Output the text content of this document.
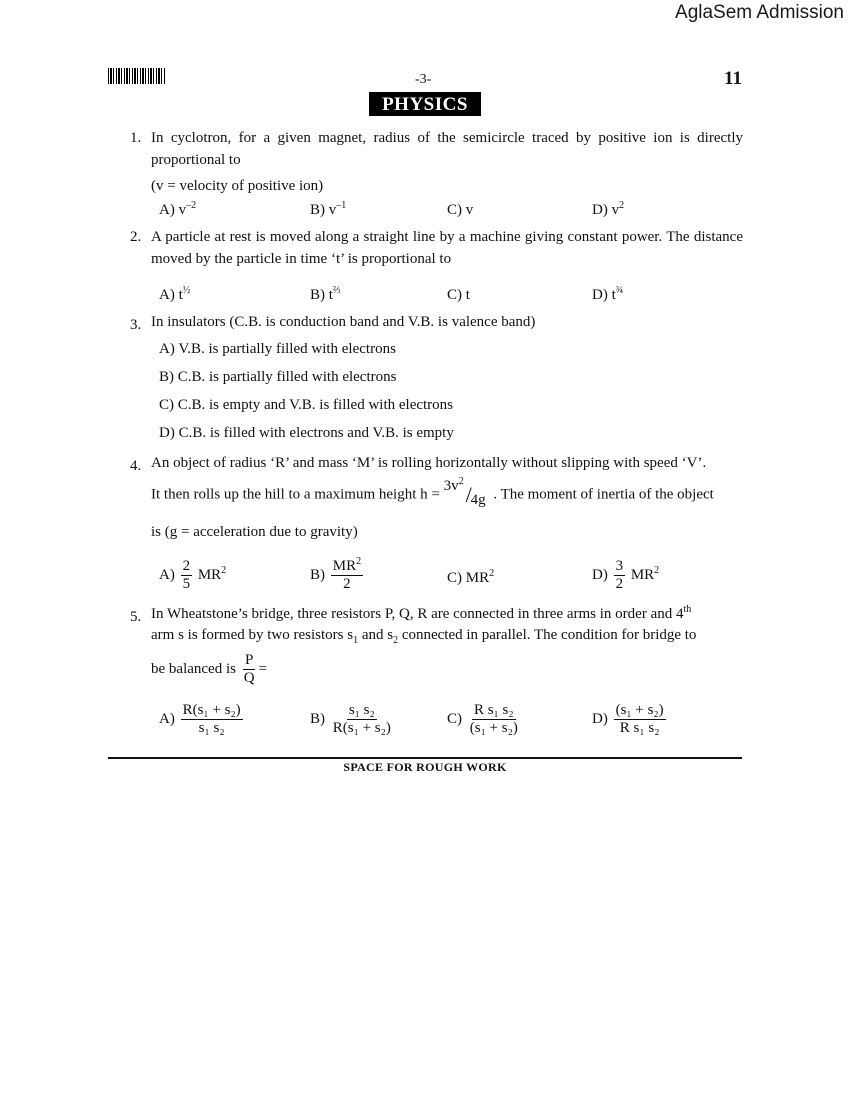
AglaSem Admission
-3-	11
PHYSICS
1. In cyclotron, for a given magnet, radius of the semicircle traced by positive ion is directly proportional to
(v = velocity of positive ion)
A) $v^{-2}$	B) $v^{-1}$	C) v	D) $v^2$
2. A particle at rest is moved along a straight line by a machine giving constant power. The distance moved by the particle in time ‘t’ is proportional to
A) $t^{\frac{1}{2}}$	B) $t^{\frac{2}{3}}$	C) t	D) $t^{\frac{3}{4}}$
3. In insulators (C.B. is conduction band and V.B. is valence band)
A) V.B. is partially filled with electrons
B) C.B. is partially filled with electrons
C) C.B. is empty and V.B. is filled with electrons
D) C.B. is filled with electrons and V.B. is empty
4. An object of radius ‘R’ and mass ‘M’ is rolling horizontally without slipping with speed ‘V’.
It then rolls up the hill to a maximum height h =
$3v^2$
/
4g . The moment of inertia of the object
is (g = acceleration due to gravity)
$A) \frac{2}{5} MR^2$	$B) \frac{MR^2}{2}$	C) $MR^2$	$D) \frac{3}{2} MR^2$
5. In Wheatstone’s bridge, three resistors P, Q, R are connected in three arms in order and 4th
arm s is formed by two resistors $s_1$ and $s_2$ connected in parallel. The condition for bridge to
be balanced is $\frac{P}{Q}$ =
$A) \frac{\text{R(s₁ + s₂)}}{\text{s₁ s₂}}$	$B) \frac{\text{s₁ s₂}}{\text{R(s₁ + s₂)}}$	$C) \frac{\text{R s₁ s₂}}{\text{(s₁ + s₂)}}$	$D) \frac{\text{(s₁ + s₂)}}{\text{R s₁ s₂}}$
SPACE FOR ROUGH WORK
